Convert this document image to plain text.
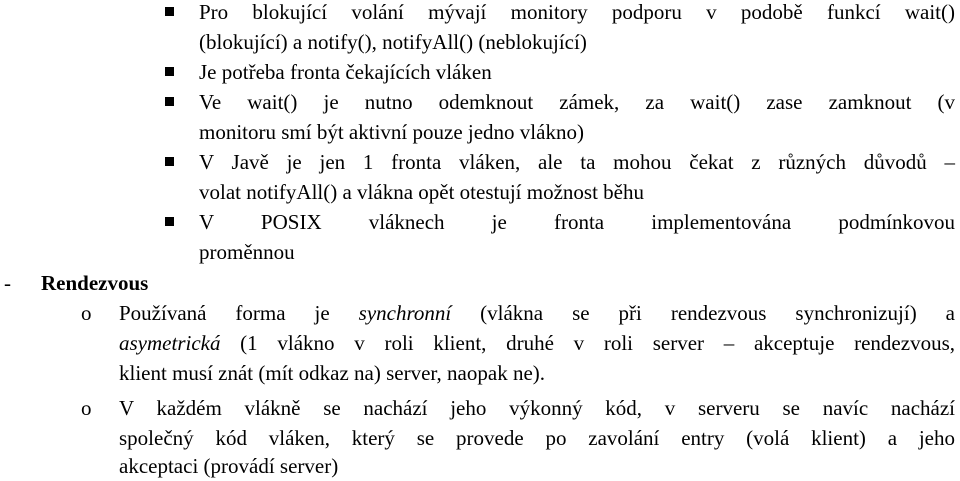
Pro blokující volání mývají monitory podporu v podobě funkcí wait()
(blokující) a notify(), notifyAll() (neblokující)
Je potřeba fronta čekajících vláken
Ve wait() je nutno odemknout zámek, za wait() zase zamknout (v
monitoru smí být aktivní pouze jedno vlákno)
V Javě je jen 1 fronta vláken, ale ta mohou čekat z různých důvodů –
volat notifyAll() a vlákna opět otestují možnost běhu
V POSIX vláknech je fronta implementována podmínkovou
proměnnou
- Rendezvous
o Používaná forma je synchronní (vlákna se při rendezvous synchronizují) a
asymetrická (1 vlákno v roli klient, druhé v roli server – akceptuje rendezvous,
klient musí znát (mít odkaz na) server, naopak ne).
o V každém vlákně se nachází jeho výkonný kód, v serveru se navíc nachází
společný kód vláken, který se provede po zavolání entry (volá klient) a jeho
akceptaci (provádí server)
